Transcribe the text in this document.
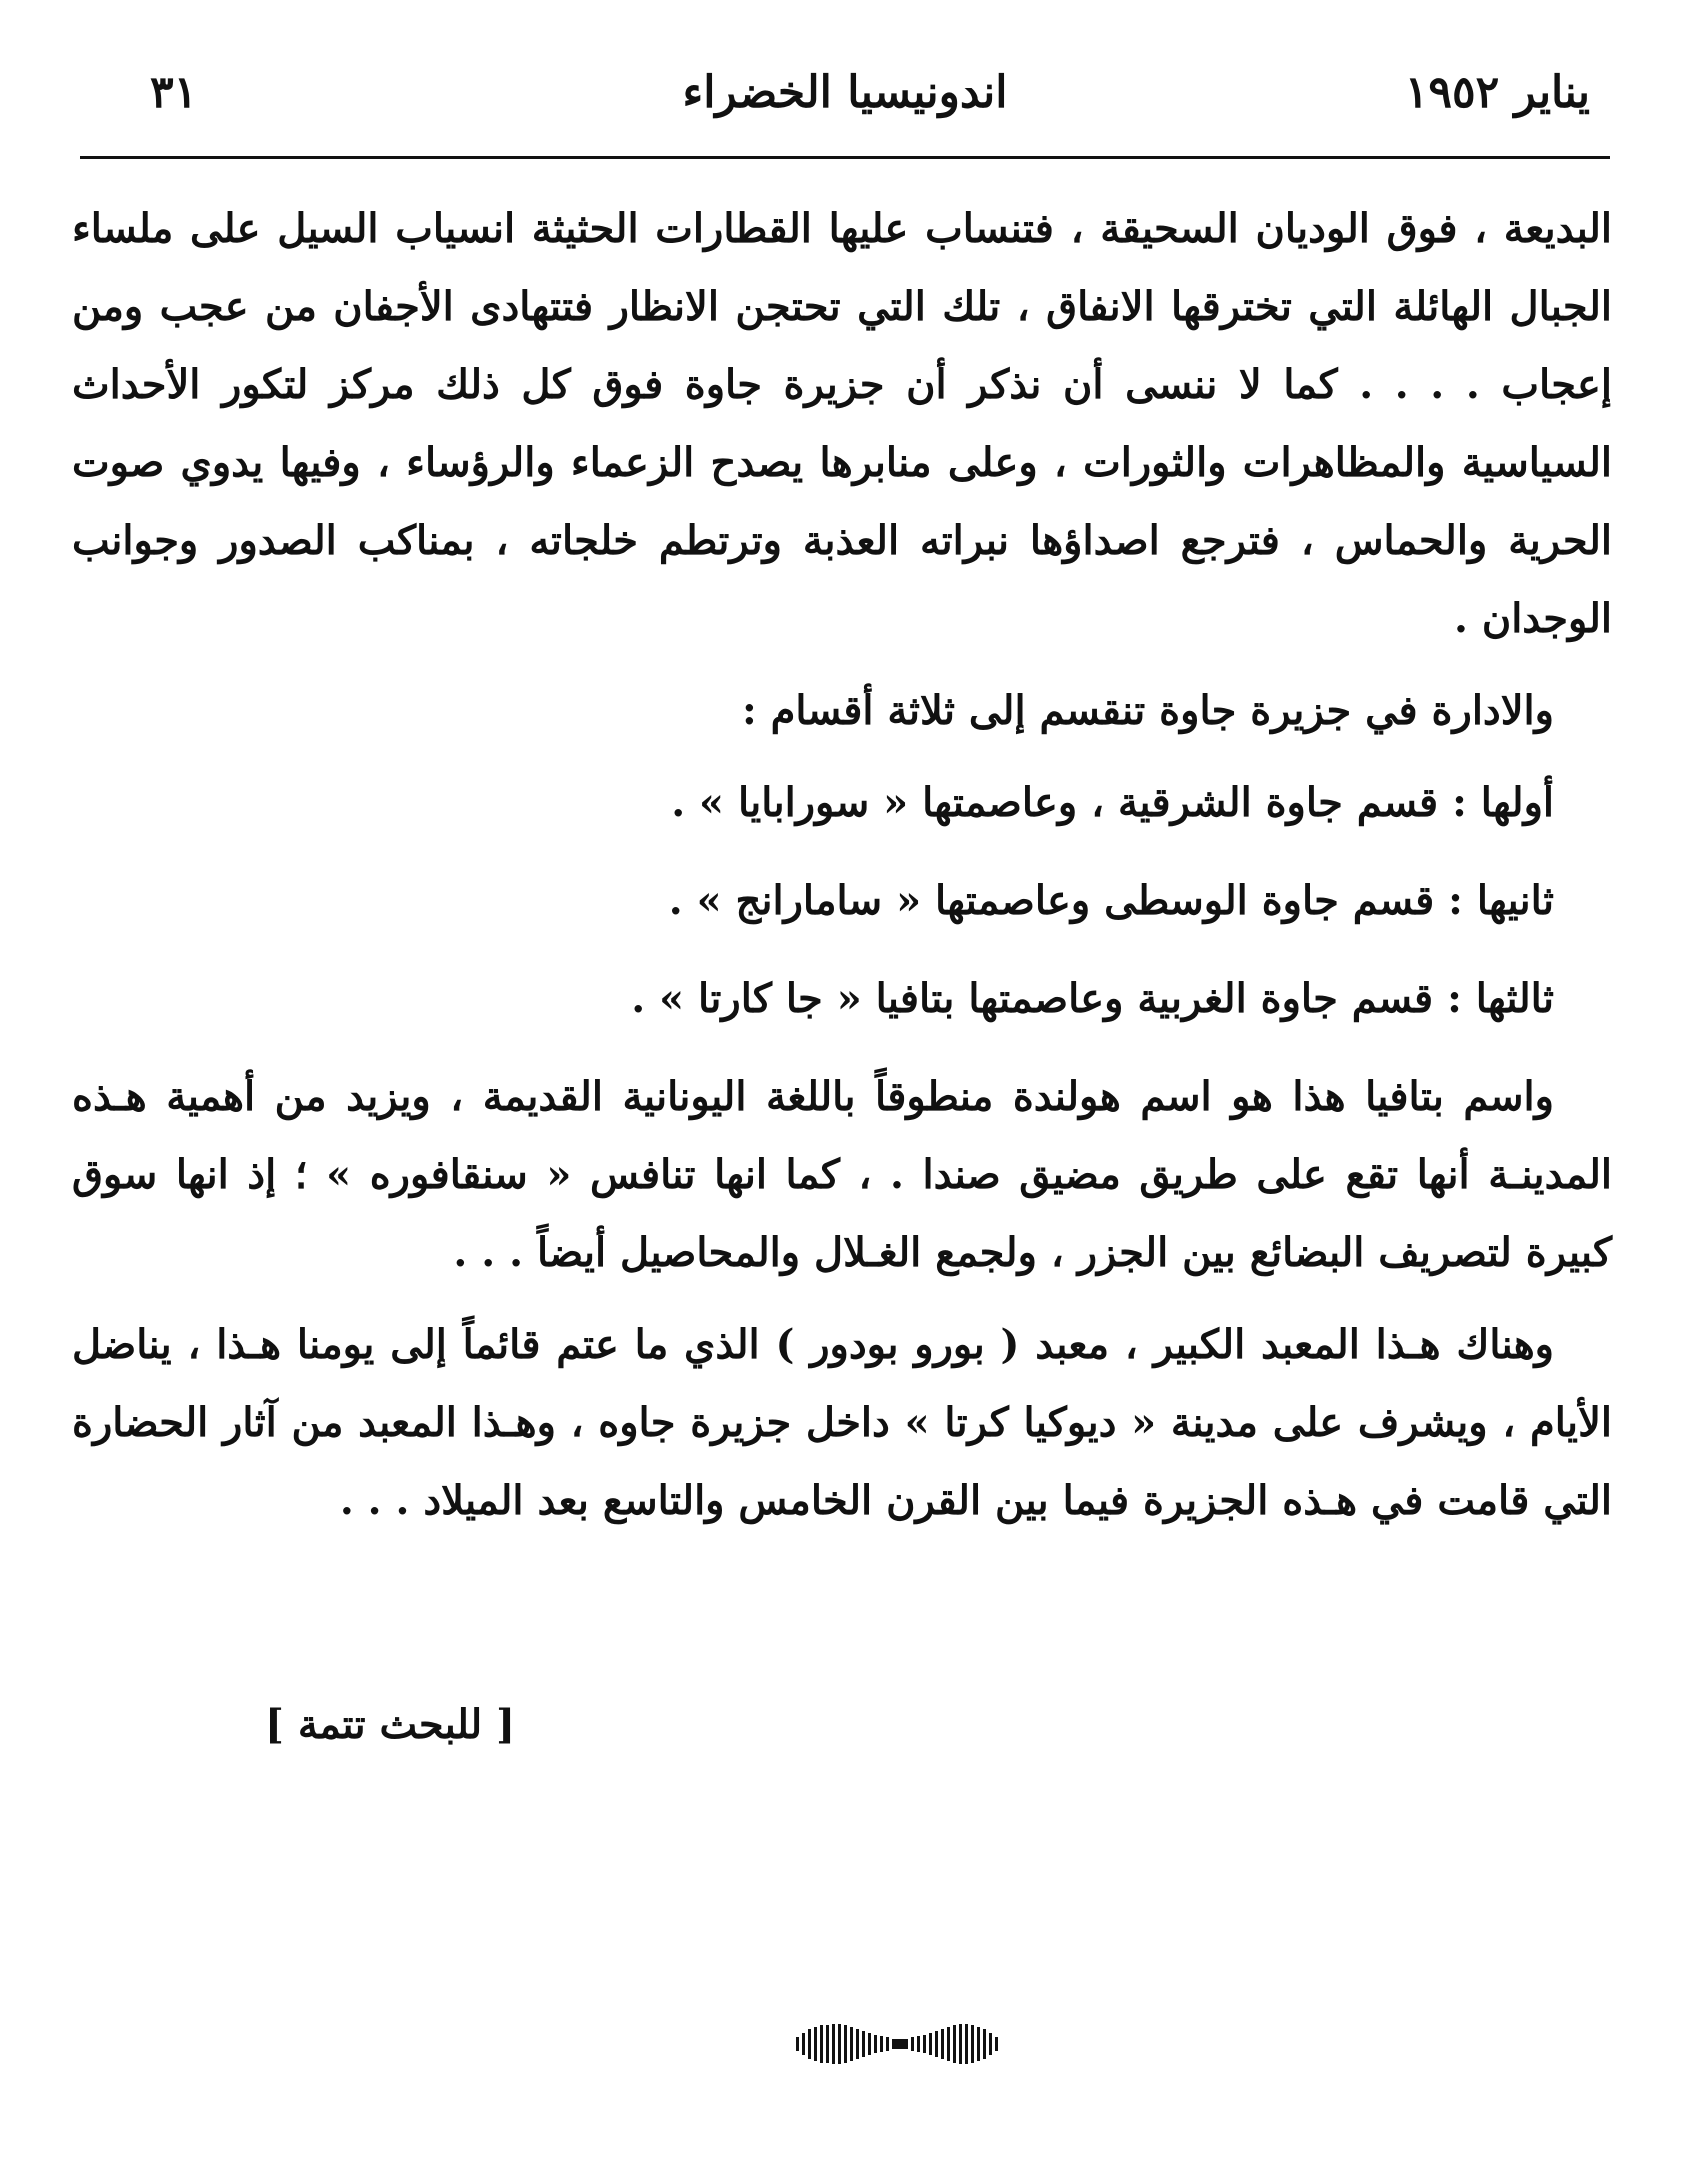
يناير ١٩٥٢
اندونيسيا الخضراء
٣١

البديعة ، فوق الوديان السحيقة ، فتنساب عليها القطارات الحثيثة انسياب السيل على ملساء الجبال الهائلة التي تخترقها الانفاق ، تلك التي تحتجن الانظار فتتهادى الأجفان من عجب ومن إعجاب . . . . كما لا ننسى أن نذكر أن جزيرة جاوة فوق كل ذلك مركز لتكور الأحداث السياسية والمظاهرات والثورات ، وعلى منابرها يصدح الزعماء والرؤساء ، وفيها يدوي صوت الحرية والحماس ، فترجع اصداؤها نبراته العذبة وترتطم خلجاته ، بمناكب الصدور وجوانب الوجدان .

والادارة في جزيرة جاوة تنقسم إلى ثلاثة أقسام :

أولها : قسم جاوة الشرقية ، وعاصمتها « سورابايا » .

ثانيها : قسم جاوة الوسطى وعاصمتها « سامارانج » .

ثالثها : قسم جاوة الغربية وعاصمتها بتافيا « جا كارتا » .

واسم بتافيا هذا هو اسم هولندة منطوقاً باللغة اليونانية القديمة ، ويزيد من أهمية هـذه المدينـة أنها تقع على طريق مضيق صندا . ، كما انها تنافس « سنقافوره » ؛ إذ انها سوق كبيرة لتصريف البضائع بين الجزر ، ولجمع الغـلال والمحاصيل أيضاً . . .

وهناك هـذا المعبد الكبير ، معبد ( بورو بودور ) الذي ما عتم قائماً إلى يومنا هـذا ، يناضل الأيام ، ويشرف على مدينة « ديوكيا كرتا » داخل جزيرة جاوه ، وهـذا المعبد من آثار الحضارة التي قامت في هـذه الجزيرة فيما بين القرن الخامس والتاسع بعد الميلاد . . .

[ للبحث تتمة ]
